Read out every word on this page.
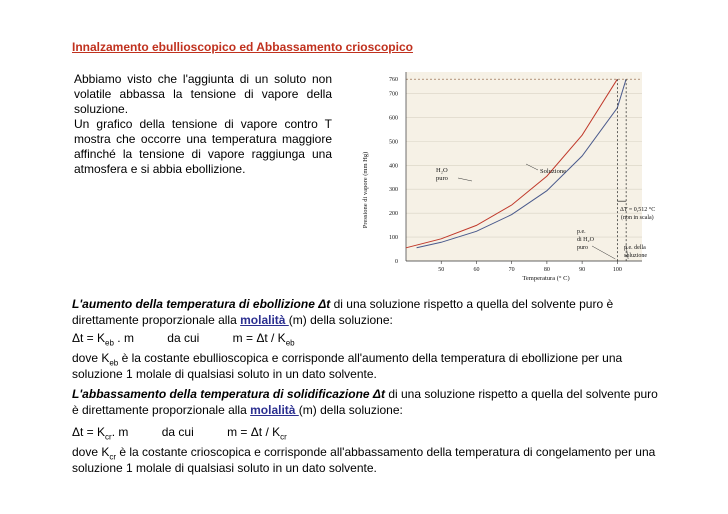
Innalzamento ebullioscopico ed Abbassamento crioscopico

Abbiamo visto che l'aggiunta di un soluto non volatile abbassa la tensione di vapore della soluzione.

Un grafico della tensione di vapore contro T mostra che occorre una temperatura maggiore affinché la tensione di vapore raggiunga una atmosfera e si abbia ebollizione.

0
100
200
300
400
500
600
700
760
50	60	70	80	90	100
Pressione di vapore (mm Hg)
Temperatura (° C)
H₂O
puro
Soluzione
p.e.
di H₂O
puro	p.e. della
soluzione
ΔT = 0,512 °C
(non in scala)

L'aumento della temperatura di ebollizione Δt di una soluzione rispetto a quella del solvente puro è direttamente proporzionale alla molalità (m) della soluzione:

$\Delta t = K_{eb}$ . m	da cui	$m = \Delta t / K_{eb}$

dove $K_{eb}$ è la costante ebullioscopica e corrisponde all'aumento della temperatura di ebollizione per una soluzione 1 molale di qualsiasi soluto in un dato solvente.

L'abbassamento della temperatura di solidificazione Δt di una soluzione rispetto a quella del solvente puro è direttamente proporzionale alla molalità (m) della soluzione:

$\Delta t = K_{cr}$. m	da cui	$m = \Delta t / K_{cr}$

dove $K_{cr}$ è la costante crioscopica e corrisponde all'abbassamento della temperatura di congelamento per una soluzione 1 molale di qualsiasi soluto in un dato solvente.
